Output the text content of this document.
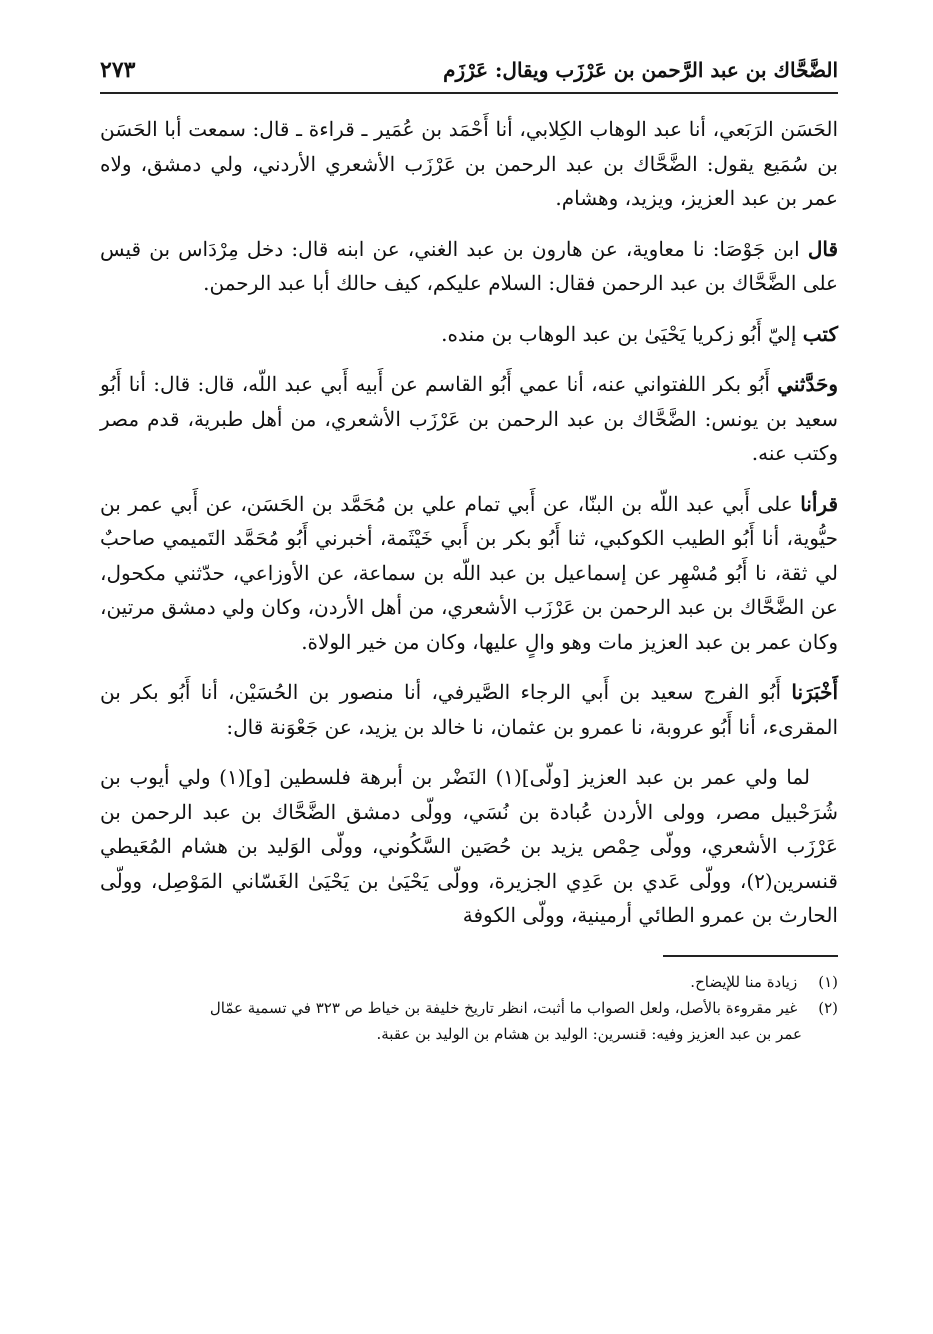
الضَّحَّاك بن عبد الرَّحمن بن عَرْزَب ويقال: عَرْزَم
٢٧٣

الحَسَن الرَبَعي، أنا عبد الوهاب الكِلابي، أنا أَحْمَد بن عُمَير ـ قراءة ـ قال: سمعت أبا الحَسَن بن سُمَيع يقول: الضَّحَّاك بن عبد الرحمن بن عَرْزَب الأشعري الأردني، ولي دمشق، ولاه عمر بن عبد العزيز، ويزيد، وهشام.

قال ابن جَوْصَا: نا معاوية، عن هارون بن عبد الغني، عن ابنه قال: دخل مِرْدَاس بن قيس على الضَّحَّاك بن عبد الرحمن فقال: السلام عليكم، كيف حالك أبا عبد الرحمن.

كتب إليّ أَبُو زكريا يَحْيَىٰ بن عبد الوهاب بن منده.

وحَدَّثني أَبُو بكر اللفتواني عنه، أنا عمي أَبُو القاسم عن أَبيه أَبي عبد اللّه، قال: قال: أنا أَبُو سعيد بن يونس: الضَّحَّاك بن عبد الرحمن بن عَرْزَب الأشعري، من أهل طبرية، قدم مصر وكتب عنه.

قرأنا على أَبي عبد اللّه بن البنّا، عن أَبي تمام علي بن مُحَمَّد بن الحَسَن، عن أَبي عمر بن حيُّوية، أنا أَبُو الطيب الكوكبي، ثنا أَبُو بكر بن أَبي خَيْثَمة، أخبرني أَبُو مُحَمَّد التَميمي صاحبٌ لي ثقة، نا أَبُو مُسْهِر عن إسماعيل بن عبد اللّه بن سماعة، عن الأوزاعي، حدّثني مكحول، عن الضَّحَّاك بن عبد الرحمن بن عَرْزَب الأشعري، من أهل الأردن، وكان ولي دمشق مرتين، وكان عمر بن عبد العزيز مات وهو والٍ عليها، وكان من خير الولاة.

أَخْبَرَنا أَبُو الفرج سعيد بن أَبي الرجاء الصَّيرفي، أنا منصور بن الحُسَيْن، أنا أَبُو بكر بن المقرىء، أنا أَبُو عروبة، نا عمرو بن عثمان، نا خالد بن يزيد، عن جَعْوَنة قال:

لما ولي عمر بن عبد العزيز [ولّى](١) النَضْر بن أبرهة فلسطين [و](١) ولي أيوب بن شُرَحْبيل مصر، وولى الأردن عُبادة بن نُسَي، وولّى دمشق الضَّحَّاك بن عبد الرحمن بن عَرْزَب الأشعري، وولّى حِمْص يزيد بن حُصَين السَّكُوني، وولّى الوَليد بن هشام المُعَيطي قنسرين(٢)، وولّى عَدي بن عَدِي الجزيرة، وولّى يَحْيَىٰ بن يَحْيَىٰ الغَسّاني المَوْصِل، وولّى الحارث بن عمرو الطائي أرمينية، وولّى الكوفة

(١) زيادة منا للإيضاح.

(٢) غير مقروءة بالأصل، ولعل الصواب ما أثبت، انظر تاريخ خليفة بن خياط ص ٣٢٣ في تسمية عمّال

عمر بن عبد العزيز وفيه: قنسرين: الوليد بن هشام بن الوليد بن عقبة.
